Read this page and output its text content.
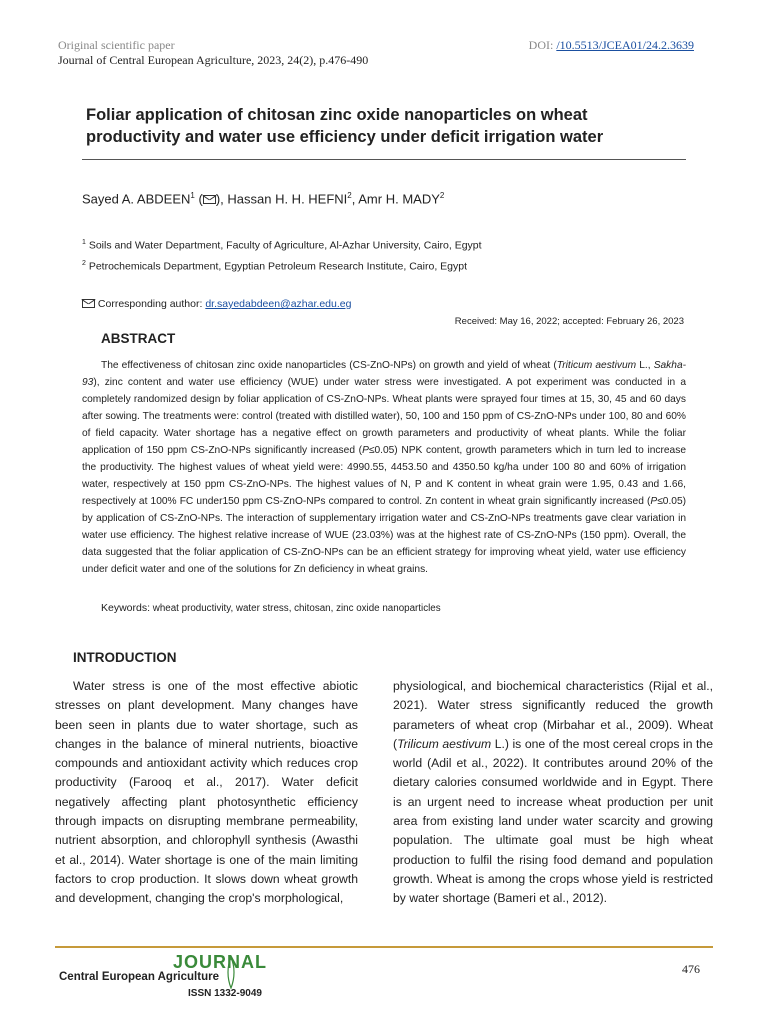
Original scientific paper
Journal of Central European Agriculture, 2023, 24(2), p.476-490
DOI: /10.5513/JCEA01/24.2.3639
Foliar application of chitosan zinc oxide nanoparticles on wheat productivity and water use efficiency under deficit irrigation water
Sayed A. ABDEEN$^1$ ( ), Hassan H. H. HEFNI$^2$, Amr H. MADY$^2$
$^1$ Soils and Water Department, Faculty of Agriculture, Al-Azhar University, Cairo, Egypt
$^2$ Petrochemicals Department, Egyptian Petroleum Research Institute, Cairo, Egypt
Corresponding author: dr.sayedabdeen@azhar.edu.eg
Received: May 16, 2022; accepted: February 26, 2023
ABSTRACT

The effectiveness of chitosan zinc oxide nanoparticles (CS-ZnO-NPs) on growth and yield of wheat (Triticum aestivum L., Sakha-93), zinc content and water use efficiency (WUE) under water stress were investigated. A pot experiment was conducted in a completely randomized design by foliar application of CS-ZnO-NPs. Wheat plants were sprayed four times at 15, 30, 45 and 60 days after sowing. The treatments were: control (treated with distilled water), 50, 100 and 150 ppm of CS-ZnO-NPs under 100, 80 and 60% of field capacity. Water shortage has a negative effect on growth parameters and productivity of wheat plants. While the foliar application of 150 ppm CS-ZnO-NPs significantly increased (P≤0.05) NPK content, growth parameters which in turn led to increase the productivity. The highest values of wheat yield were: 4990.55, 4453.50 and 4350.50 kg/ha under 100 80 and 60% of irrigation water, respectively at 150 ppm CS-ZnO-NPs. The highest values of N, P and K content in wheat grain were 1.95, 0.43 and 1.66, respectively at 100% FC under150 ppm CS-ZnO-NPs compared to control. Zn content in wheat grain significantly increased (P≤0.05) by application of CS-ZnO-NPs. The interaction of supplementary irrigation water and CS-ZnO-NPs treatments gave clear variation in water use efficiency. The highest relative increase of WUE (23.03%) was at the highest rate of CS-ZnO-NPs (150 ppm). Overall, the data suggested that the foliar application of CS-ZnO-NPs can be an efficient strategy for improving wheat yield, water use efficiency under deficit water and one of the solutions for Zn deficiency in wheat grains.

Keywords: wheat productivity, water stress, chitosan, zinc oxide nanoparticles
INTRODUCTION

Water stress is one of the most effective abiotic stresses on plant development. Many changes have been seen in plants due to water shortage, such as changes in the balance of mineral nutrients, bioactive compounds and antioxidant activity which reduces crop productivity (Farooq et al., 2017). Water deficit negatively affecting plant photosynthetic efficiency through impacts on disrupting membrane permeability, nutrient absorption, and chlorophyll synthesis (Awasthi et al., 2014). Water shortage is one of the main limiting factors to crop production. It slows down wheat growth and development, changing the crop's morphological,

physiological, and biochemical characteristics (Rijal et al., 2021). Water stress significantly reduced the growth parameters of wheat crop (Mirbahar et al., 2009). Wheat (Trilicum aestivum L.) is one of the most cereal crops in the world (Adil et al., 2022). It contributes around 20% of the dietary calories consumed worldwide and in Egypt. There is an urgent need to increase wheat production per unit area from existing land under water scarcity and growing population. The ultimate goal must be high wheat production to fulfil the rising food demand and population growth. Wheat is among the crops whose yield is restricted by water shortage (Bameri et al., 2012).

JOURNAL
Central European Agriculture
ISSN 1332-9049
476
